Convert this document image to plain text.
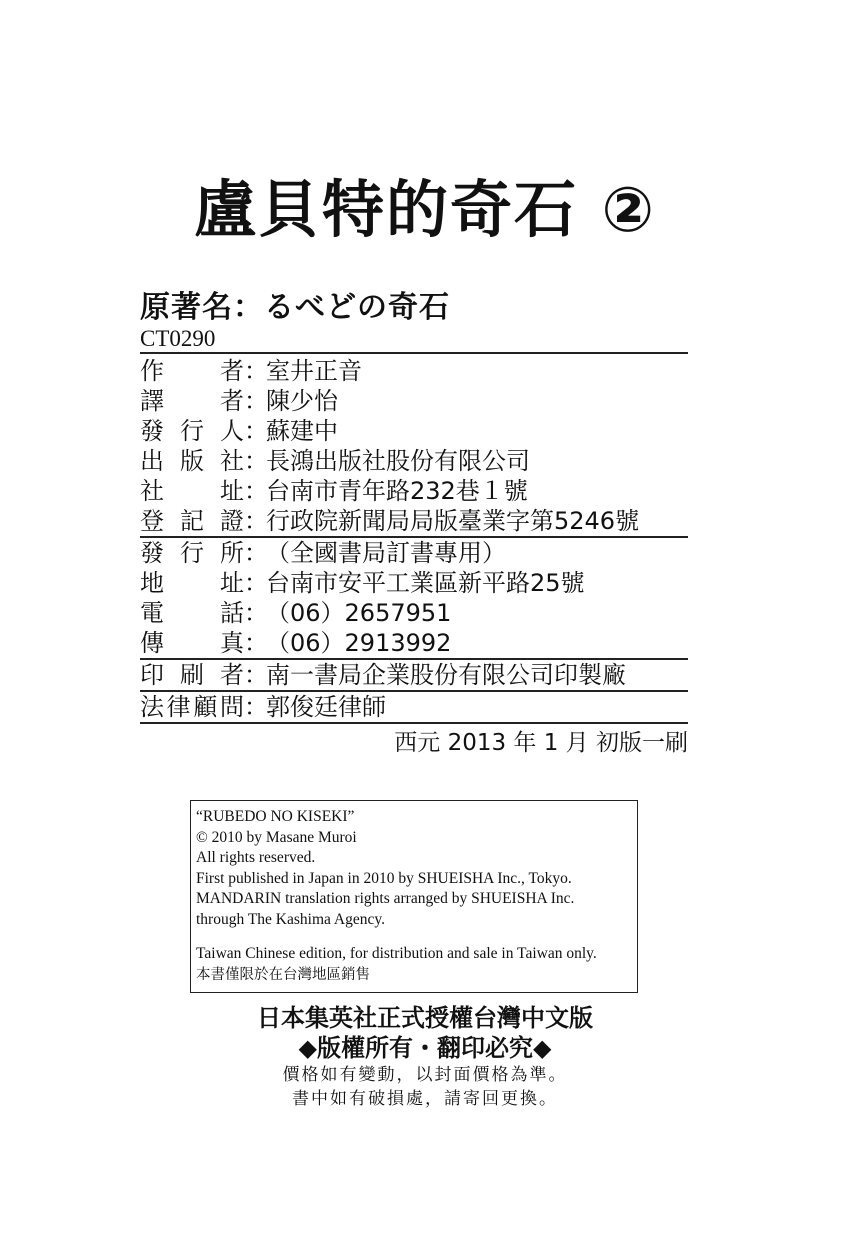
盧貝特的奇石 ②
原著名：るべどの奇石
CT0290
作者：室井正音
譯者：陳少怡
發行人：蘇建中
出版社：長鴻出版社股份有限公司
社址：台南市青年路232巷１號
登記證：行政院新聞局局版臺業字第5246號
發行所：（全國書局訂書專用）
地址：台南市安平工業區新平路25號
電話：（06）2657951
傳真：（06）2913992
印刷者：南一書局企業股份有限公司印製廠
法律顧問：郭俊廷律師
西元 2013 年 1 月 初版一刷
“RUBEDO NO KISEKI”
© 2010 by Masane Muroi
All rights reserved.
First published in Japan in 2010 by SHUEISHA Inc., Tokyo.
MANDARIN translation rights arranged by SHUEISHA Inc.
through The Kashima Agency.
Taiwan Chinese edition, for distribution and sale in Taiwan only.
本書僅限於在台灣地區銷售
日本集英社正式授權台灣中文版
◆版權所有・翻印必究◆
價格如有變動，以封面價格為準。
書中如有破損處，請寄回更換。
